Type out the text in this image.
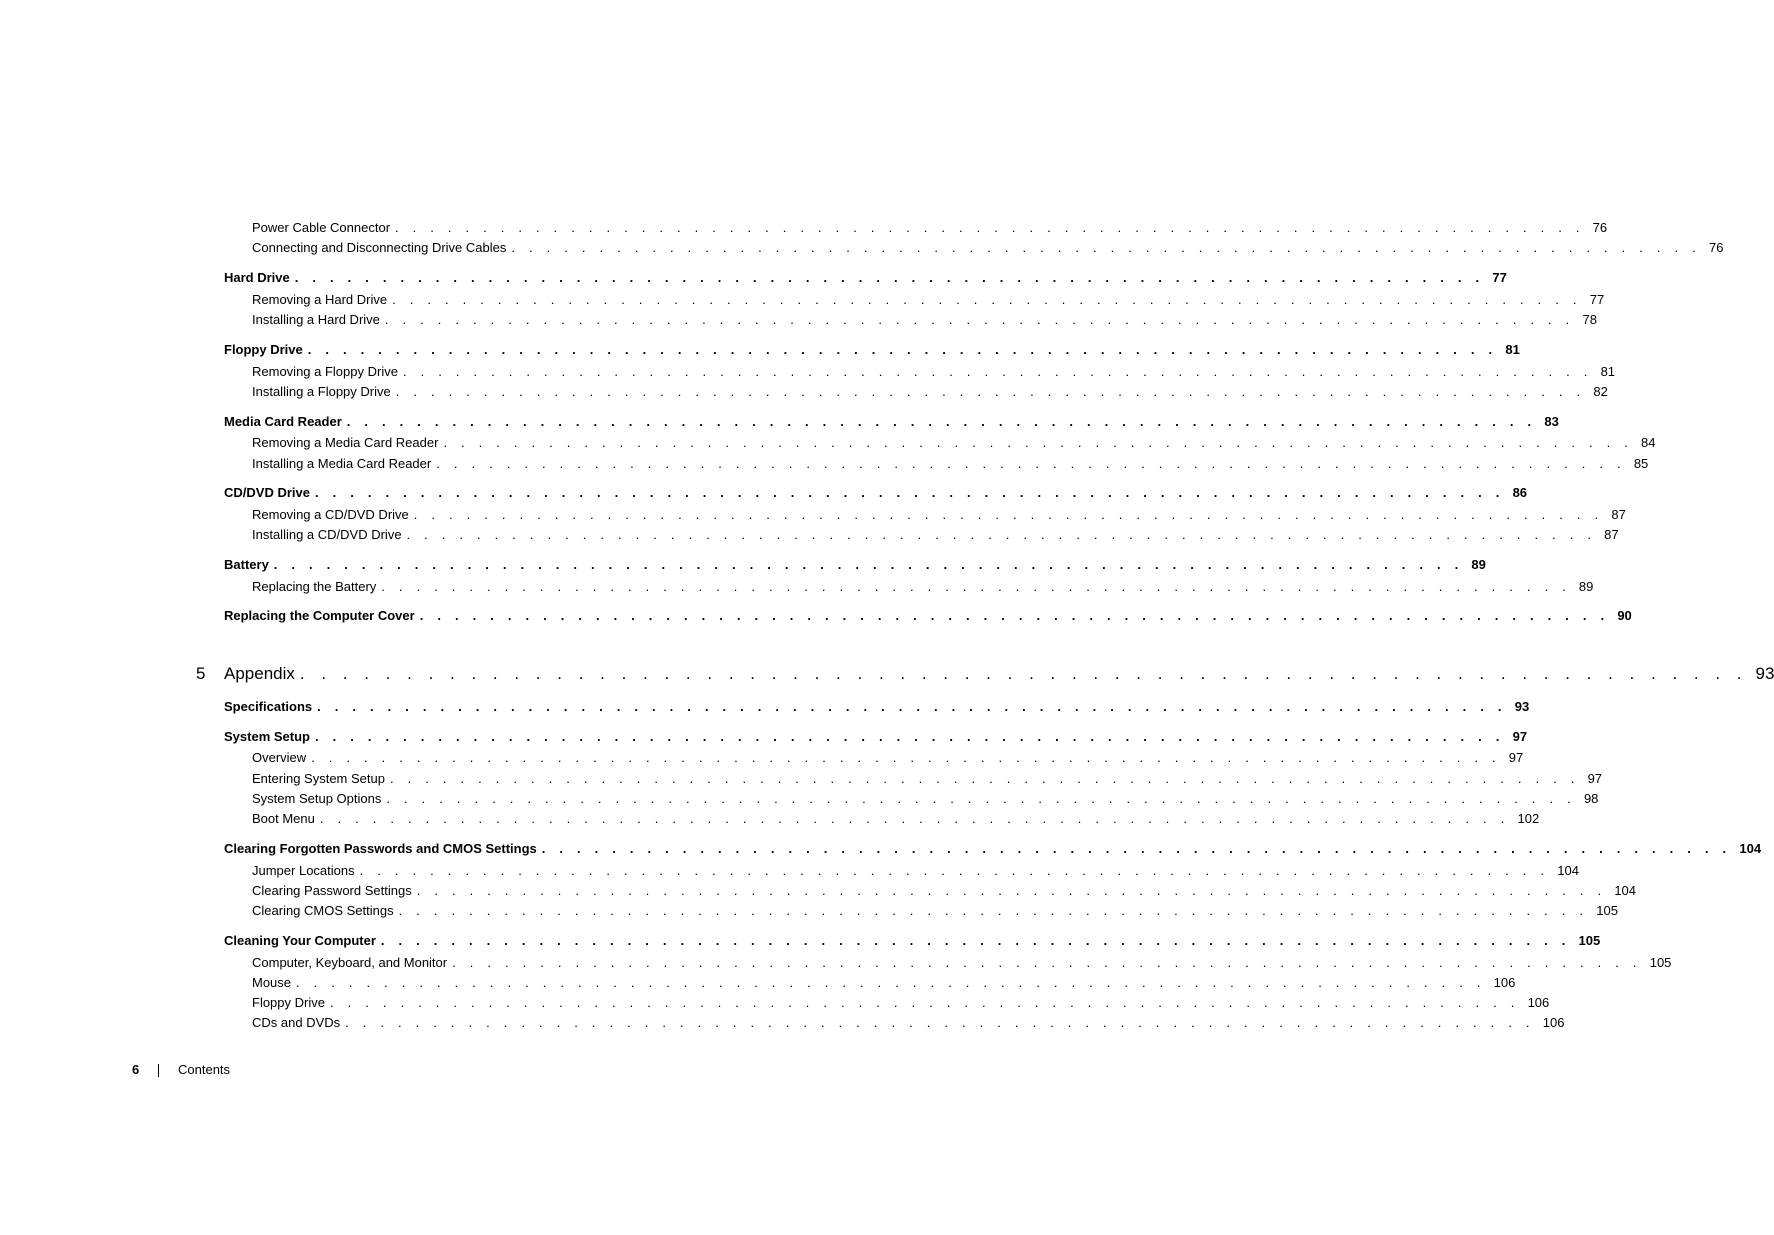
Power Cable Connector . . . . . . . . . . . . . . . . . . . . . . . . . . . . . . . . . . . . . . . . . . . . . . . . . . . . . . . . . . . . . . . . . . . . 76
Connecting and Disconnecting Drive Cables . . . . . . . . . . . . . . . . . . . . . . . . . . . . . . . . . . . . . . . . . . . . . . . . . . . . . . . . . . . . . . . . . . . . 76
Hard Drive . . . . . . . . . . . . . . . . . . . . . . . . . . . . . . . . . . . . . . . . . . . . . . . . . . . . . . . . . . . . . . . . . . . . 77
Removing a Hard Drive . . . . . . . . . . . . . . . . . . . . . . . . . . . . . . . . . . . . . . . . . . . . . . . . . . . . . . . . . . . . . . . . . . . . 77
Installing a Hard Drive . . . . . . . . . . . . . . . . . . . . . . . . . . . . . . . . . . . . . . . . . . . . . . . . . . . . . . . . . . . . . . . . . . . . 78
Floppy Drive . . . . . . . . . . . . . . . . . . . . . . . . . . . . . . . . . . . . . . . . . . . . . . . . . . . . . . . . . . . . . . . . . . . . 81
Removing a Floppy Drive . . . . . . . . . . . . . . . . . . . . . . . . . . . . . . . . . . . . . . . . . . . . . . . . . . . . . . . . . . . . . . . . . . . . 81
Installing a Floppy Drive . . . . . . . . . . . . . . . . . . . . . . . . . . . . . . . . . . . . . . . . . . . . . . . . . . . . . . . . . . . . . . . . . . . . 82
Media Card Reader . . . . . . . . . . . . . . . . . . . . . . . . . . . . . . . . . . . . . . . . . . . . . . . . . . . . . . . . . . . . . . . . . . . . 83
Removing a Media Card Reader . . . . . . . . . . . . . . . . . . . . . . . . . . . . . . . . . . . . . . . . . . . . . . . . . . . . . . . . . . . . . . . . . . . . 84
Installing a Media Card Reader . . . . . . . . . . . . . . . . . . . . . . . . . . . . . . . . . . . . . . . . . . . . . . . . . . . . . . . . . . . . . . . . . . . . 85
CD/DVD Drive . . . . . . . . . . . . . . . . . . . . . . . . . . . . . . . . . . . . . . . . . . . . . . . . . . . . . . . . . . . . . . . . . . . . 86
Removing a CD/DVD Drive . . . . . . . . . . . . . . . . . . . . . . . . . . . . . . . . . . . . . . . . . . . . . . . . . . . . . . . . . . . . . . . . . . . . 87
Installing a CD/DVD Drive . . . . . . . . . . . . . . . . . . . . . . . . . . . . . . . . . . . . . . . . . . . . . . . . . . . . . . . . . . . . . . . . . . . . 87
Battery . . . . . . . . . . . . . . . . . . . . . . . . . . . . . . . . . . . . . . . . . . . . . . . . . . . . . . . . . . . . . . . . . . . . 89
Replacing the Battery . . . . . . . . . . . . . . . . . . . . . . . . . . . . . . . . . . . . . . . . . . . . . . . . . . . . . . . . . . . . . . . . . . . . 89
Replacing the Computer Cover . . . . . . . . . . . . . . . . . . . . . . . . . . . . . . . . . . . . . . . . . . . . . . . . . . . . . . . . . . . . . . . . . . . . 90
5	Appendix . . . . . . . . . . . . . . . . . . . . . . . . . . . . . . . . . . . . . . . . . . . . . . . . . . . . . . . . . . . . . . . . . . . . 93
Specifications . . . . . . . . . . . . . . . . . . . . . . . . . . . . . . . . . . . . . . . . . . . . . . . . . . . . . . . . . . . . . . . . . . . . 93
System Setup . . . . . . . . . . . . . . . . . . . . . . . . . . . . . . . . . . . . . . . . . . . . . . . . . . . . . . . . . . . . . . . . . . . . 97
Overview . . . . . . . . . . . . . . . . . . . . . . . . . . . . . . . . . . . . . . . . . . . . . . . . . . . . . . . . . . . . . . . . . . . . 97
Entering System Setup . . . . . . . . . . . . . . . . . . . . . . . . . . . . . . . . . . . . . . . . . . . . . . . . . . . . . . . . . . . . . . . . . . . . 97
System Setup Options . . . . . . . . . . . . . . . . . . . . . . . . . . . . . . . . . . . . . . . . . . . . . . . . . . . . . . . . . . . . . . . . . . . . 98
Boot Menu . . . . . . . . . . . . . . . . . . . . . . . . . . . . . . . . . . . . . . . . . . . . . . . . . . . . . . . . . . . . . . . . . . . . 102
Clearing Forgotten Passwords and CMOS Settings . . . . . . . . . . . . . . . . . . . . . . . . . . . . . . . . . . . . . . . . . . . . . . . . . . . . . . . . . . . . . . . . . . . . 104
Jumper Locations . . . . . . . . . . . . . . . . . . . . . . . . . . . . . . . . . . . . . . . . . . . . . . . . . . . . . . . . . . . . . . . . . . . . 104
Clearing Password Settings . . . . . . . . . . . . . . . . . . . . . . . . . . . . . . . . . . . . . . . . . . . . . . . . . . . . . . . . . . . . . . . . . . . . 104
Clearing CMOS Settings . . . . . . . . . . . . . . . . . . . . . . . . . . . . . . . . . . . . . . . . . . . . . . . . . . . . . . . . . . . . . . . . . . . . 105
Cleaning Your Computer . . . . . . . . . . . . . . . . . . . . . . . . . . . . . . . . . . . . . . . . . . . . . . . . . . . . . . . . . . . . . . . . . . . . 105
Computer, Keyboard, and Monitor . . . . . . . . . . . . . . . . . . . . . . . . . . . . . . . . . . . . . . . . . . . . . . . . . . . . . . . . . . . . . . . . . . . . 105
Mouse . . . . . . . . . . . . . . . . . . . . . . . . . . . . . . . . . . . . . . . . . . . . . . . . . . . . . . . . . . . . . . . . . . . . 106
Floppy Drive . . . . . . . . . . . . . . . . . . . . . . . . . . . . . . . . . . . . . . . . . . . . . . . . . . . . . . . . . . . . . . . . . . . . 106
CDs and DVDs . . . . . . . . . . . . . . . . . . . . . . . . . . . . . . . . . . . . . . . . . . . . . . . . . . . . . . . . . . . . . . . . . . . . 106
6	Contents
